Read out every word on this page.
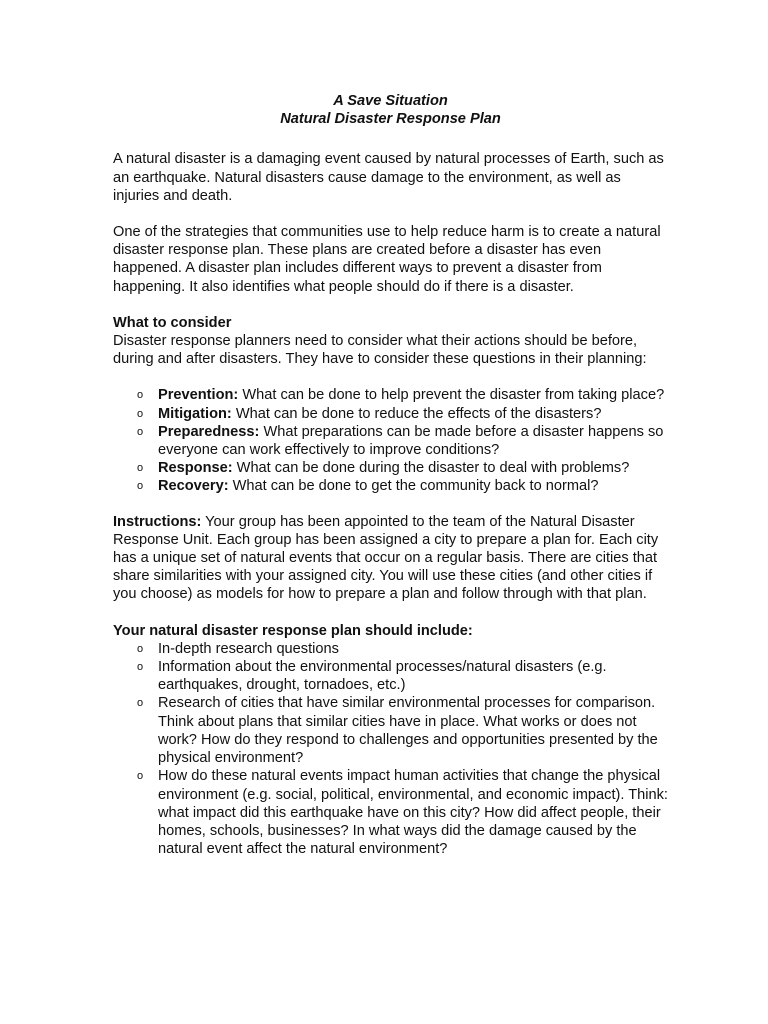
A Save Situation

Natural Disaster Response Plan

A natural disaster is a damaging event caused by natural processes of Earth, such as an earthquake. Natural disasters cause damage to the environment, as well as injuries and death.

One of the strategies that communities use to help reduce harm is to create a natural disaster response plan. These plans are created before a disaster has even happened. A disaster plan includes different ways to prevent a disaster from happening. It also identifies what people should do if there is a disaster.

What to consider

Disaster response planners need to consider what their actions should be before, during and after disasters. They have to consider these questions in their planning:

o Prevention: What can be done to help prevent the disaster from taking place?
o Mitigation: What can be done to reduce the effects of the disasters?
o Preparedness: What preparations can be made before a disaster happens so everyone can work effectively to improve conditions?
o Response: What can be done during the disaster to deal with problems?
o Recovery: What can be done to get the community back to normal?

Instructions: Your group has been appointed to the team of the Natural Disaster Response Unit. Each group has been assigned a city to prepare a plan for. Each city has a unique set of natural events that occur on a regular basis. There are cities that share similarities with your assigned city. You will use these cities (and other cities if you choose) as models for how to prepare a plan and follow through with that plan.

Your natural disaster response plan should include:

o In-depth research questions
o Information about the environmental processes/natural disasters (e.g. earthquakes, drought, tornadoes, etc.)
o Research of cities that have similar environmental processes for comparison. Think about plans that similar cities have in place. What works or does not work? How do they respond to challenges and opportunities presented by the physical environment?
o How do these natural events impact human activities that change the physical environment (e.g. social, political, environmental, and economic impact). Think: what impact did this earthquake have on this city? How did affect people, their homes, schools, businesses? In what ways did the damage caused by the natural event affect the natural environment?
